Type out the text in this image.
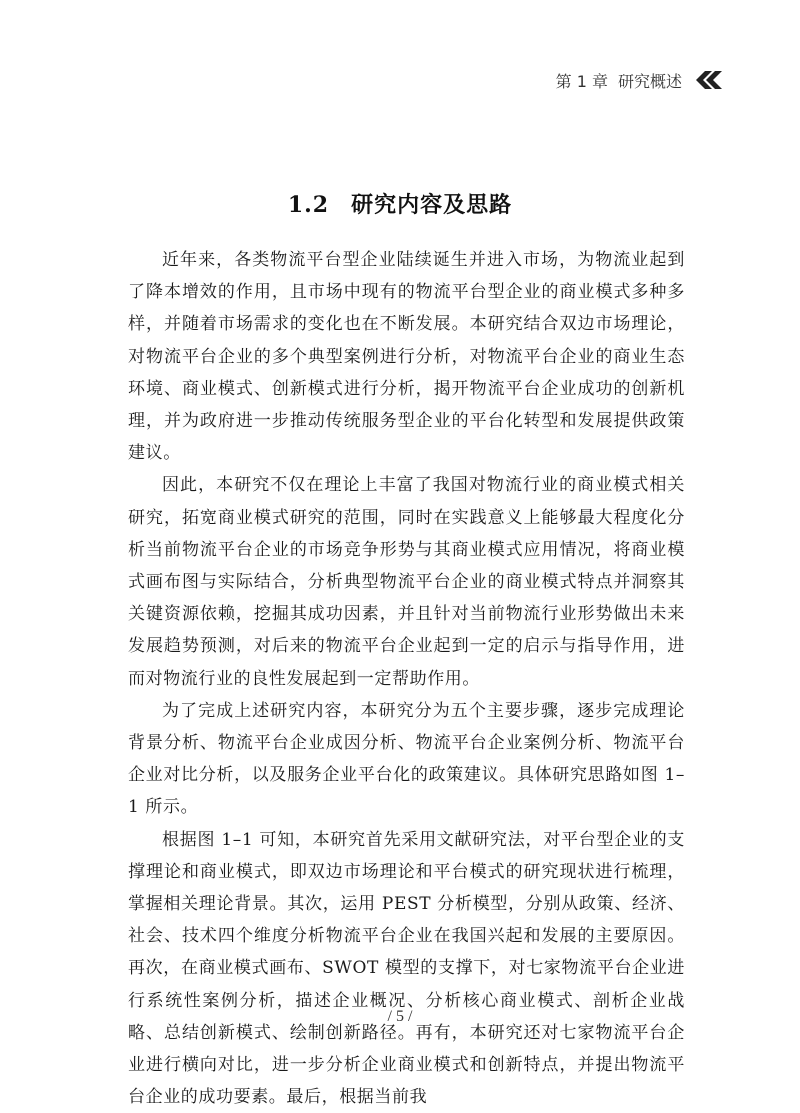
第 1 章 研究概述
1.2 研究内容及思路

近年来，各类物流平台型企业陆续诞生并进入市场，为物流业起到了降本增效的作用，且市场中现有的物流平台型企业的商业模式多种多样，并随着市场需求的变化也在不断发展。本研究结合双边市场理论，对物流平台企业的多个典型案例进行分析，对物流平台企业的商业生态环境、商业模式、创新模式进行分析，揭开物流平台企业成功的创新机理，并为政府进一步推动传统服务型企业的平台化转型和发展提供政策建议。

因此，本研究不仅在理论上丰富了我国对物流行业的商业模式相关研究，拓宽商业模式研究的范围，同时在实践意义上能够最大程度化分析当前物流平台企业的市场竞争形势与其商业模式应用情况，将商业模式画布图与实际结合，分析典型物流平台企业的商业模式特点并洞察其关键资源依赖，挖掘其成功因素，并且针对当前物流行业形势做出未来发展趋势预测，对后来的物流平台企业起到一定的启示与指导作用，进而对物流行业的良性发展起到一定帮助作用。

为了完成上述研究内容，本研究分为五个主要步骤，逐步完成理论背景分析、物流平台企业成因分析、物流平台企业案例分析、物流平台企业对比分析，以及服务企业平台化的政策建议。具体研究思路如图 1–1 所示。

根据图 1–1 可知，本研究首先采用文献研究法，对平台型企业的支撑理论和商业模式，即双边市场理论和平台模式的研究现状进行梳理，掌握相关理论背景。其次，运用 PEST 分析模型，分别从政策、经济、社会、技术四个维度分析物流平台企业在我国兴起和发展的主要原因。再次，在商业模式画布、SWOT 模型的支撑下，对七家物流平台企业进行系统性案例分析，描述企业概况、分析核心商业模式、剖析企业战略、总结创新模式、绘制创新路径。再有，本研究还对七家物流平台企业进行横向对比，进一步分析企业商业模式和创新特点，并提出物流平台企业的成功要素。最后，根据当前我

/ 5 /
